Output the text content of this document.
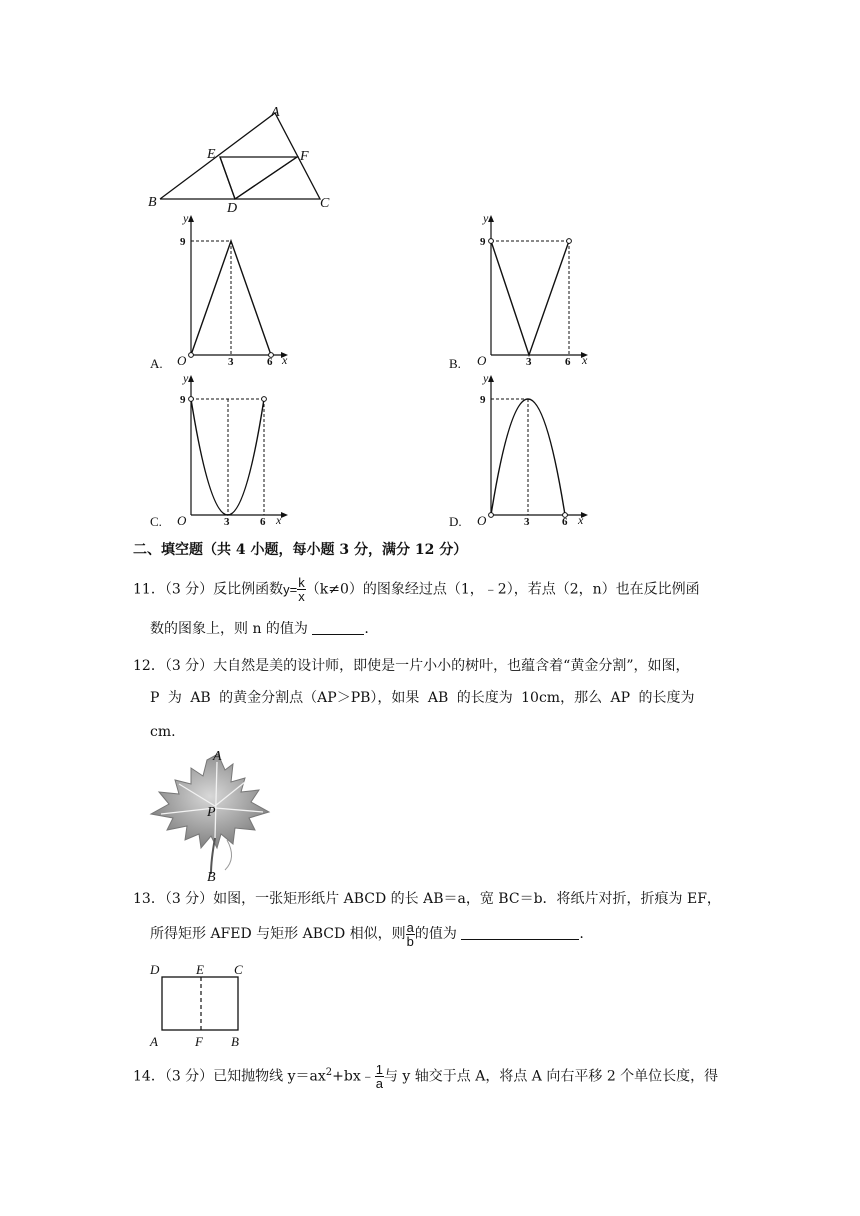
A
E	F
B	D	C
y
9
O	3	6 x
A.
y
9
O	3	6 x
B.
y
9
O	3	6 x
C.
y
9
O	3	6 x
D.
二、填空题（共 4 小题，每小题 3 分，满分 12 分）
11．（3 分）反比例函数$y= \frac{k}{x} (k\ne 0)$的图象经过点（1，﹣2），若点（2，n）也在反比例函
数的图象上，则 n 的值为	.
12．（3 分）大自然是美的设计师，即使是一片小小的树叶，也蕴含着“黄金分割”，如图，
P 为 AB 的黄金分割点（AP＞PB），如果 AB 的长度为 10cm，那么 AP 的长度为
cm.
A
P
B
13．（3 分）如图，一张矩形纸片 ABCD 的长 AB＝a，宽 BC＝b．将纸片对折，折痕为 EF，
所得矩形 AFED 与矩形 ABCD 相似，则 $\frac{a}{b}$ 的值为	.
D	E C
A	F B
14．（3 分）已知抛物线 $y=ax^2+bx﹣ \frac{1}{a}$ 与 y 轴交于点 A，将点 A 向右平移 2 个单位长度，得
